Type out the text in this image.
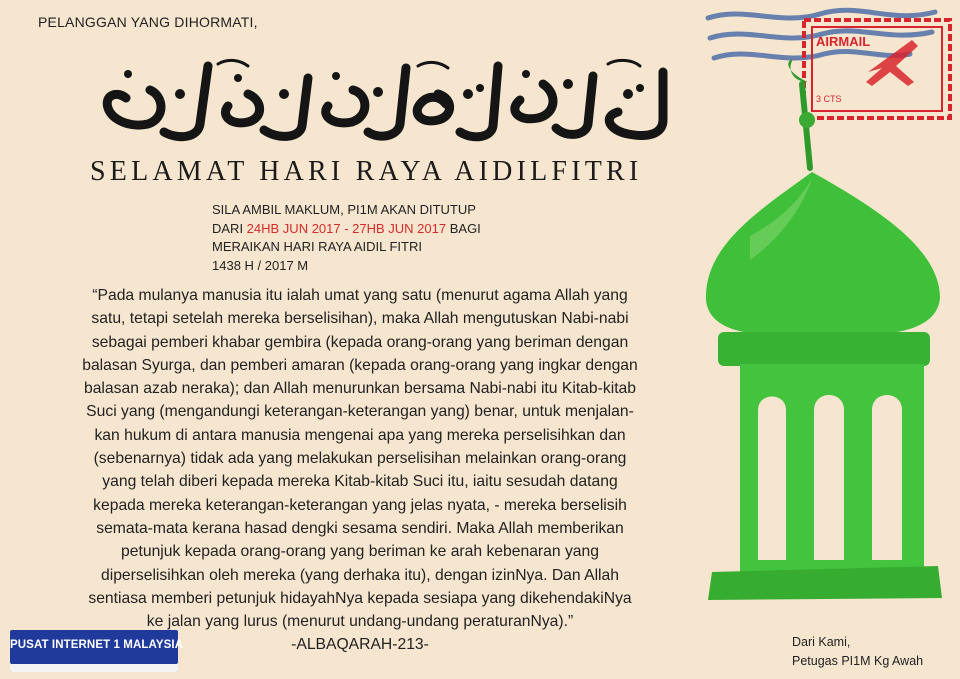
PELANGGAN YANG DIHORMATI,
SELAMAT HARI RAYA AIDILFITRI
SILA AMBIL MAKLUM, PI1M AKAN DITUTUP
DARI 24HB JUN 2017 - 27HB JUN 2017 BAGI
MERAIKAN HARI RAYA AIDIL FITRI
1438 H / 2017 M
“Pada mulanya manusia itu ialah umat yang satu (menurut agama Allah yang
satu, tetapi setelah mereka berselisihan), maka Allah mengutuskan Nabi-nabi
sebagai pemberi khabar gembira (kepada orang-orang yang beriman dengan
balasan Syurga, dan pemberi amaran (kepada orang-orang yang ingkar dengan
balasan azab neraka); dan Allah menurunkan bersama Nabi-nabi itu Kitab-kitab
Suci yang (mengandungi keterangan-keterangan yang) benar, untuk menjalan-
kan hukum di antara manusia mengenai apa yang mereka perselisihkan dan
(sebenarnya) tidak ada yang melakukan perselisihan melainkan orang-orang
yang telah diberi kepada mereka Kitab-kitab Suci itu, iaitu sesudah datang
kepada mereka keterangan-keterangan yang jelas nyata, - mereka berselisih
semata-mata kerana hasad dengki sesama sendiri. Maka Allah memberikan
petunjuk kepada orang-orang yang beriman ke arah kebenaran yang
diperselisihkan oleh mereka (yang derhaka itu), dengan izinNya. Dan Allah
sentiasa memberi petunjuk hidayahNya kepada sesiapa yang dikehendakiNya
ke jalan yang lurus (menurut undang-undang peraturanNya).”
-ALBAQARAH-213-
AIRMAIL
3 CTS
Dari Kami,
Petugas PI1M Kg Awah
PUSAT INTERNET 1 MALAYSIA
